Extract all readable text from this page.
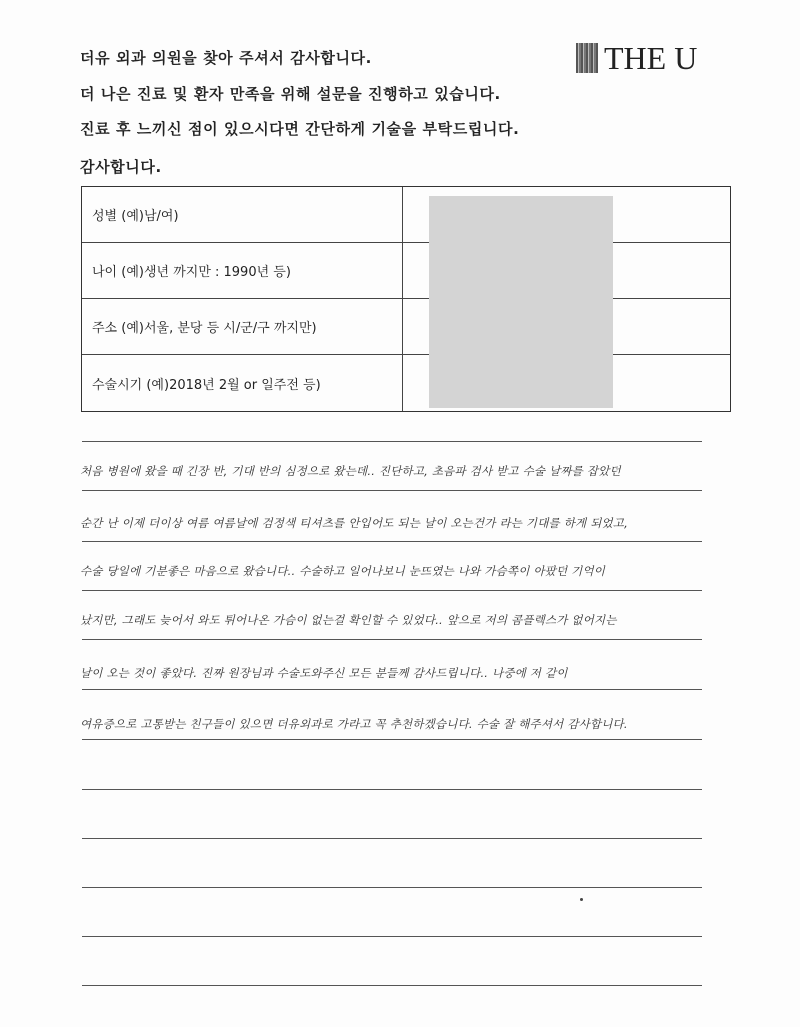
더유 외과 의원을 찾아 주셔서 감사합니다.
더 나은 진료 및 환자 만족을 위해 설문을 진행하고 있습니다.
진료 후 느끼신 점이 있으시다면 간단하게 기술을 부탁드립니다.
감사합니다.
THE U
성별 (예)남/여)
나이 (예)생년 까지만 : 1990년 등)
주소 (예)서울, 분당 등 시/군/구 까지만)
수술시기 (예)2018년 2월 or 일주전 등)
처음 병원에 왔을 때 긴장 반, 기대 반의 심정으로 왔는데.. 진단하고, 초음파 검사 받고 수술 날짜를 잡았던
순간 난 이제 더이상 여름 여름날에 검정색 티셔츠를 안입어도 되는 날이 오는건가 라는 기대를 하게 되었고,
수술 당일에 기분좋은 마음으로 왔습니다.. 수술하고 일어나보니 눈뜨였는 나와 가슴쪽이 아팠던 기억이
났지만, 그래도 늦어서 와도 튀어나온 가슴이 없는걸 확인할 수 있었다.. 앞으로 저의 콤플렉스가 없어지는
날이 오는 것이 좋았다. 진짜 원장님과 수술도와주신 모든 분들께 감사드립니다.. 나중에 저 같이
여유증으로 고통받는 친구들이 있으면 더유외과로 가라고 꼭 추천하겠습니다. 수술 잘 해주셔서 감사합니다.
